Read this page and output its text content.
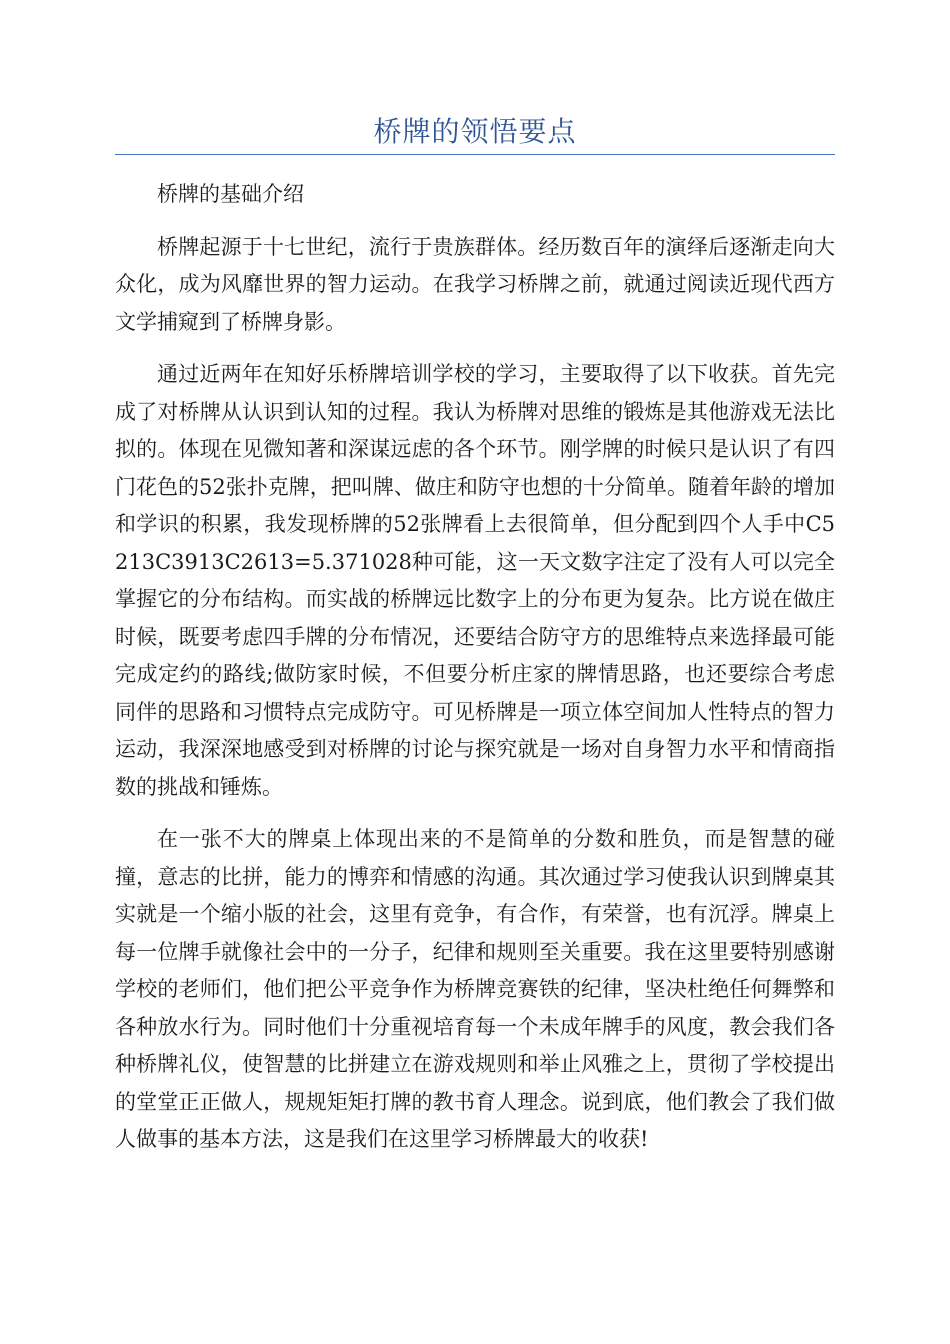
桥牌的领悟要点

桥牌的基础介绍

桥牌起源于十七世纪，流行于贵族群体。经历数百年的演绎后逐渐走向大众化，成为风靡世界的智力运动。在我学习桥牌之前，就通过阅读近现代西方文学捕窥到了桥牌身影。

通过近两年在知好乐桥牌培训学校的学习，主要取得了以下收获。首先完成了对桥牌从认识到认知的过程。我认为桥牌对思维的锻炼是其他游戏无法比拟的。体现在见微知著和深谋远虑的各个环节。刚学牌的时候只是认识了有四门花色的52张扑克牌，把叫牌、做庄和防守也想的十分简单。随着年龄的增加和学识的积累，我发现桥牌的52张牌看上去很简单，但分配到四个人手中C5213C3913C2613=5.371028种可能，这一天文数字注定了没有人可以完全掌握它的分布结构。而实战的桥牌远比数字上的分布更为复杂。比方说在做庄时候，既要考虑四手牌的分布情况，还要结合防守方的思维特点来选择最可能完成定约的路线;做防家时候，不但要分析庄家的牌情思路，也还要综合考虑同伴的思路和习惯特点完成防守。可见桥牌是一项立体空间加人性特点的智力运动，我深深地感受到对桥牌的讨论与探究就是一场对自身智力水平和情商指数的挑战和锤炼。

在一张不大的牌桌上体现出来的不是简单的分数和胜负，而是智慧的碰撞，意志的比拼，能力的博弈和情感的沟通。其次通过学习使我认识到牌桌其实就是一个缩小版的社会，这里有竞争，有合作，有荣誉，也有沉浮。牌桌上每一位牌手就像社会中的一分子，纪律和规则至关重要。我在这里要特别感谢学校的老师们，他们把公平竞争作为桥牌竞赛铁的纪律，坚决杜绝任何舞弊和各种放水行为。同时他们十分重视培育每一个未成年牌手的风度，教会我们各种桥牌礼仪，使智慧的比拼建立在游戏规则和举止风雅之上，贯彻了学校提出的堂堂正正做人，规规矩矩打牌的教书育人理念。说到底，他们教会了我们做人做事的基本方法，这是我们在这里学习桥牌最大的收获!
